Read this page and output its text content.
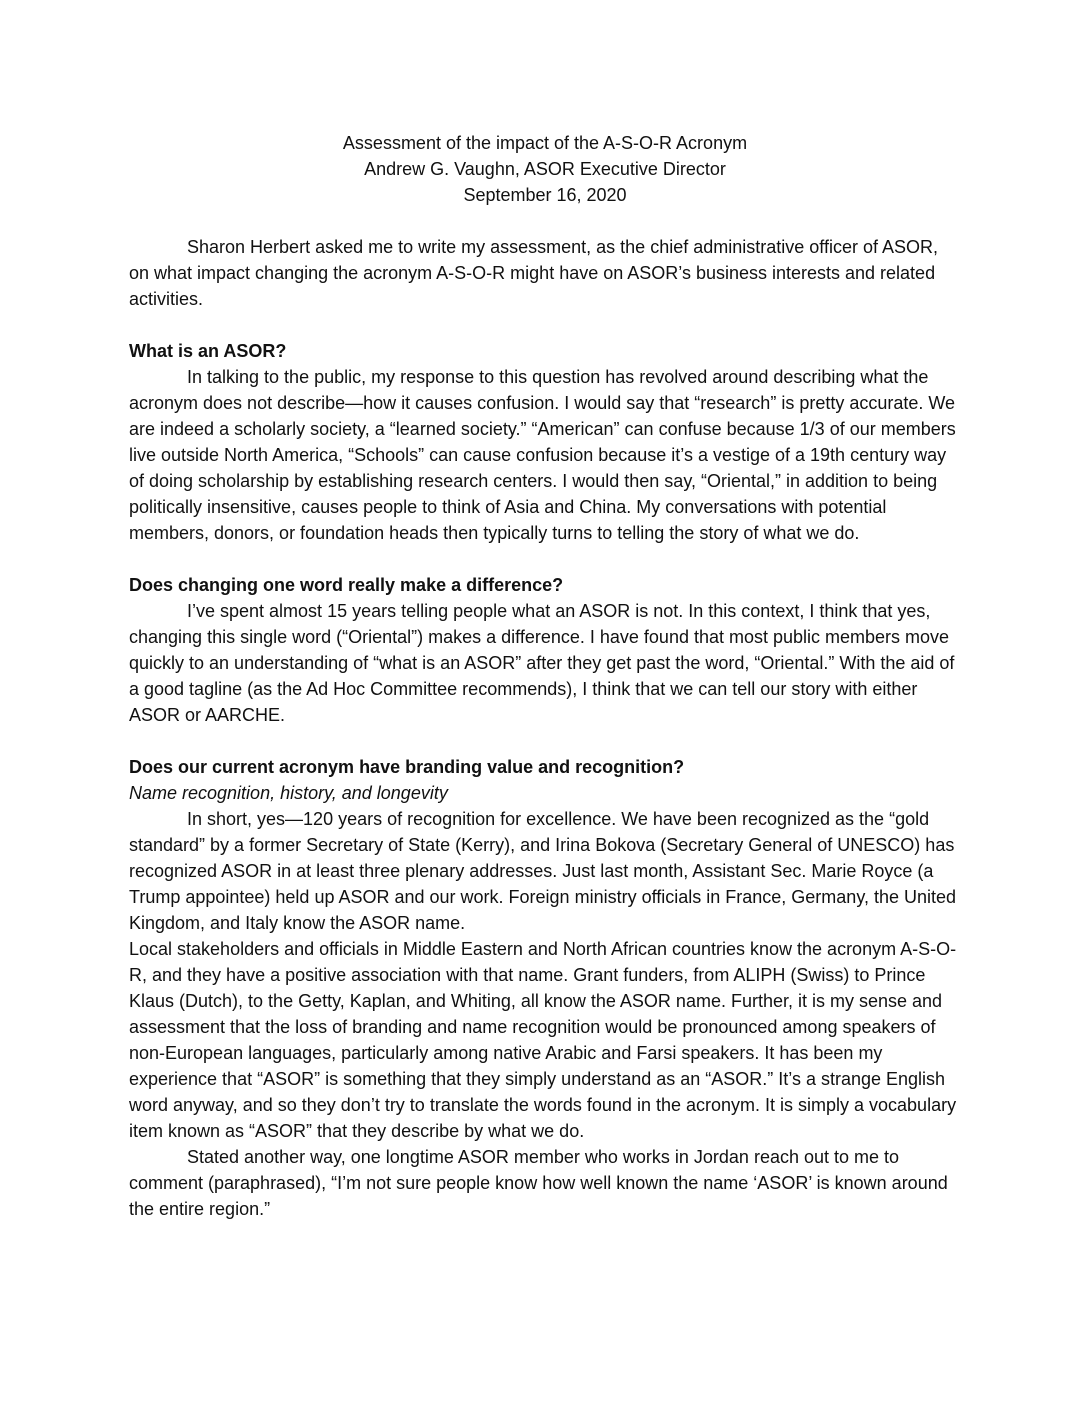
Assessment of the impact of the A-S-O-R Acronym
Andrew G. Vaughn, ASOR Executive Director
September 16, 2020

Sharon Herbert asked me to write my assessment, as the chief administrative officer of ASOR, on what impact changing the acronym A-S-O-R might have on ASOR’s business interests and related activities.

What is an ASOR?

In talking to the public, my response to this question has revolved around describing what the acronym does not describe—how it causes confusion. I would say that “research” is pretty accurate. We are indeed a scholarly society, a “learned society.” “American” can confuse because 1/3 of our members live outside North America, “Schools” can cause confusion because it’s a vestige of a 19th century way of doing scholarship by establishing research centers. I would then say, “Oriental,” in addition to being politically insensitive, causes people to think of Asia and China. My conversations with potential members, donors, or foundation heads then typically turns to telling the story of what we do.

Does changing one word really make a difference?

I’ve spent almost 15 years telling people what an ASOR is not. In this context, I think that yes, changing this single word (“Oriental”) makes a difference. I have found that most public members move quickly to an understanding of “what is an ASOR” after they get past the word, “Oriental.” With the aid of a good tagline (as the Ad Hoc Committee recommends), I think that we can tell our story with either ASOR or AARCHE.

Does our current acronym have branding value and recognition?
Name recognition, history, and longevity

In short, yes—120 years of recognition for excellence. We have been recognized as the “gold standard” by a former Secretary of State (Kerry), and Irina Bokova (Secretary General of UNESCO) has recognized ASOR in at least three plenary addresses. Just last month, Assistant Sec. Marie Royce (a Trump appointee) held up ASOR and our work. Foreign ministry officials in France, Germany, the United Kingdom, and Italy know the ASOR name.

Local stakeholders and officials in Middle Eastern and North African countries know the acronym A-S-O-R, and they have a positive association with that name. Grant funders, from ALIPH (Swiss) to Prince Klaus (Dutch), to the Getty, Kaplan, and Whiting, all know the ASOR name. Further, it is my sense and assessment that the loss of branding and name recognition would be pronounced among speakers of non-European languages, particularly among native Arabic and Farsi speakers. It has been my experience that “ASOR” is something that they simply understand as an “ASOR.” It’s a strange English word anyway, and so they don’t try to translate the words found in the acronym. It is simply a vocabulary item known as “ASOR” that they describe by what we do.

Stated another way, one longtime ASOR member who works in Jordan reach out to me to comment (paraphrased), “I’m not sure people know how well known the name ‘ASOR’ is known around the entire region.”
